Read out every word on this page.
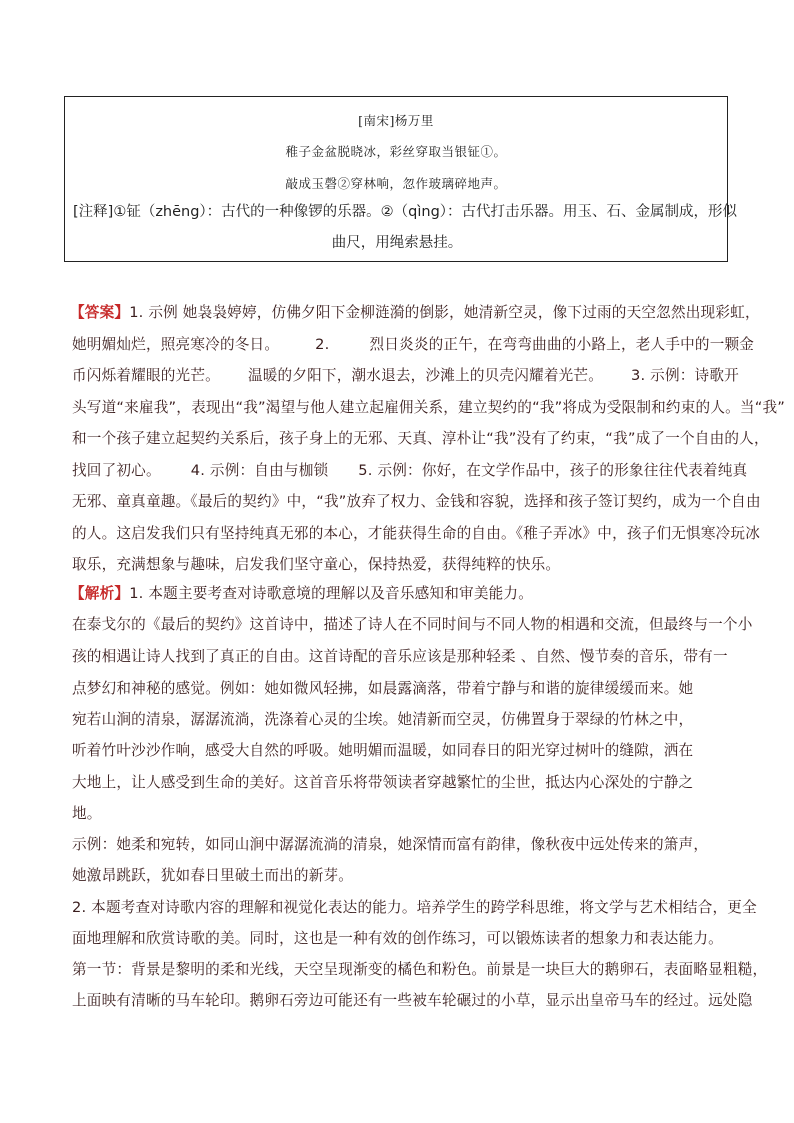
[南宋]杨万里
稚子金盆脱晓冰，彩丝穿取当银钲①。
敲成玉磬②穿林响，忽作玻璃碎地声。
[注释]①钲（zhēng）：古代的一种像锣的乐器。②（qìng）：古代打击乐器。用玉、石、金属制成，形似
曲尺，用绳索悬挂。
【答案】1. 示例 她袅袅婷婷，仿佛夕阳下金柳涟漪的倒影，她清新空灵，像下过雨的天空忽然出现彩虹，
她明媚灿烂，照亮寒冷的冬日。 2.	烈日炎炎的正午，在弯弯曲曲的小路上，老人手中的一颗金
币闪烁着耀眼的光芒。 温暖的夕阳下，潮水退去，沙滩上的贝壳闪耀着光芒。 3. 示例：诗歌开
头写道“来雇我”，表现出“我”渴望与他人建立起雇佣关系，建立契约的“我”将成为受限制和约束的人。当“我”
和一个孩子建立起契约关系后，孩子身上的无邪、天真、淳朴让“我”没有了约束，“我”成了一个自由的人，
找回了初心。 4. 示例：自由与枷锁 5. 示例：你好，在文学作品中，孩子的形象往往代表着纯真
无邪、童真童趣。《最后的契约》中，“我”放弃了权力、金钱和容貌，选择和孩子签订契约，成为一个自由
的人。这启发我们只有坚持纯真无邪的本心，才能获得生命的自由。《稚子弄冰》中，孩子们无惧寒冷玩冰
取乐，充满想象与趣味，启发我们坚守童心，保持热爱，获得纯粹的快乐。
【解析】1. 本题主要考查对诗歌意境的理解以及音乐感知和审美能力。
在泰戈尔的《最后的契约》这首诗中，描述了诗人在不同时间与不同人物的相遇和交流，但最终与一个小
孩的相遇让诗人找到了真正的自由。这首诗配的音乐应该是那种轻柔 、自然、慢节奏的音乐，带有一
点梦幻和神秘的感觉。例如：她如微风轻拂，如晨露滴落，带着宁静与和谐的旋律缓缓而来。她
宛若山涧的清泉，潺潺流淌，洗涤着心灵的尘埃。她清新而空灵，仿佛置身于翠绿的竹林之中，
听着竹叶沙沙作响，感受大自然的呼吸。她明媚而温暖，如同春日的阳光穿过树叶的缝隙，洒在
大地上，让人感受到生命的美好。这首音乐将带领读者穿越繁忙的尘世，抵达内心深处的宁静之
地。
示例：她柔和宛转，如同山涧中潺潺流淌的清泉，她深情而富有韵律，像秋夜中远处传来的箫声，
她激昂跳跃，犹如春日里破土而出的新芽。
2. 本题考查对诗歌内容的理解和视觉化表达的能力。培养学生的跨学科思维，将文学与艺术相结合，更全
面地理解和欣赏诗歌的美。同时，这也是一种有效的创作练习，可以锻炼读者的想象力和表达能力。
第一节：背景是黎明的柔和光线，天空呈现渐变的橘色和粉色。前景是一块巨大的鹅卵石，表面略显粗糙，
上面映有清晰的马车轮印。鹅卵石旁边可能还有一些被车轮碾过的小草，显示出皇帝马车的经过。远处隐
